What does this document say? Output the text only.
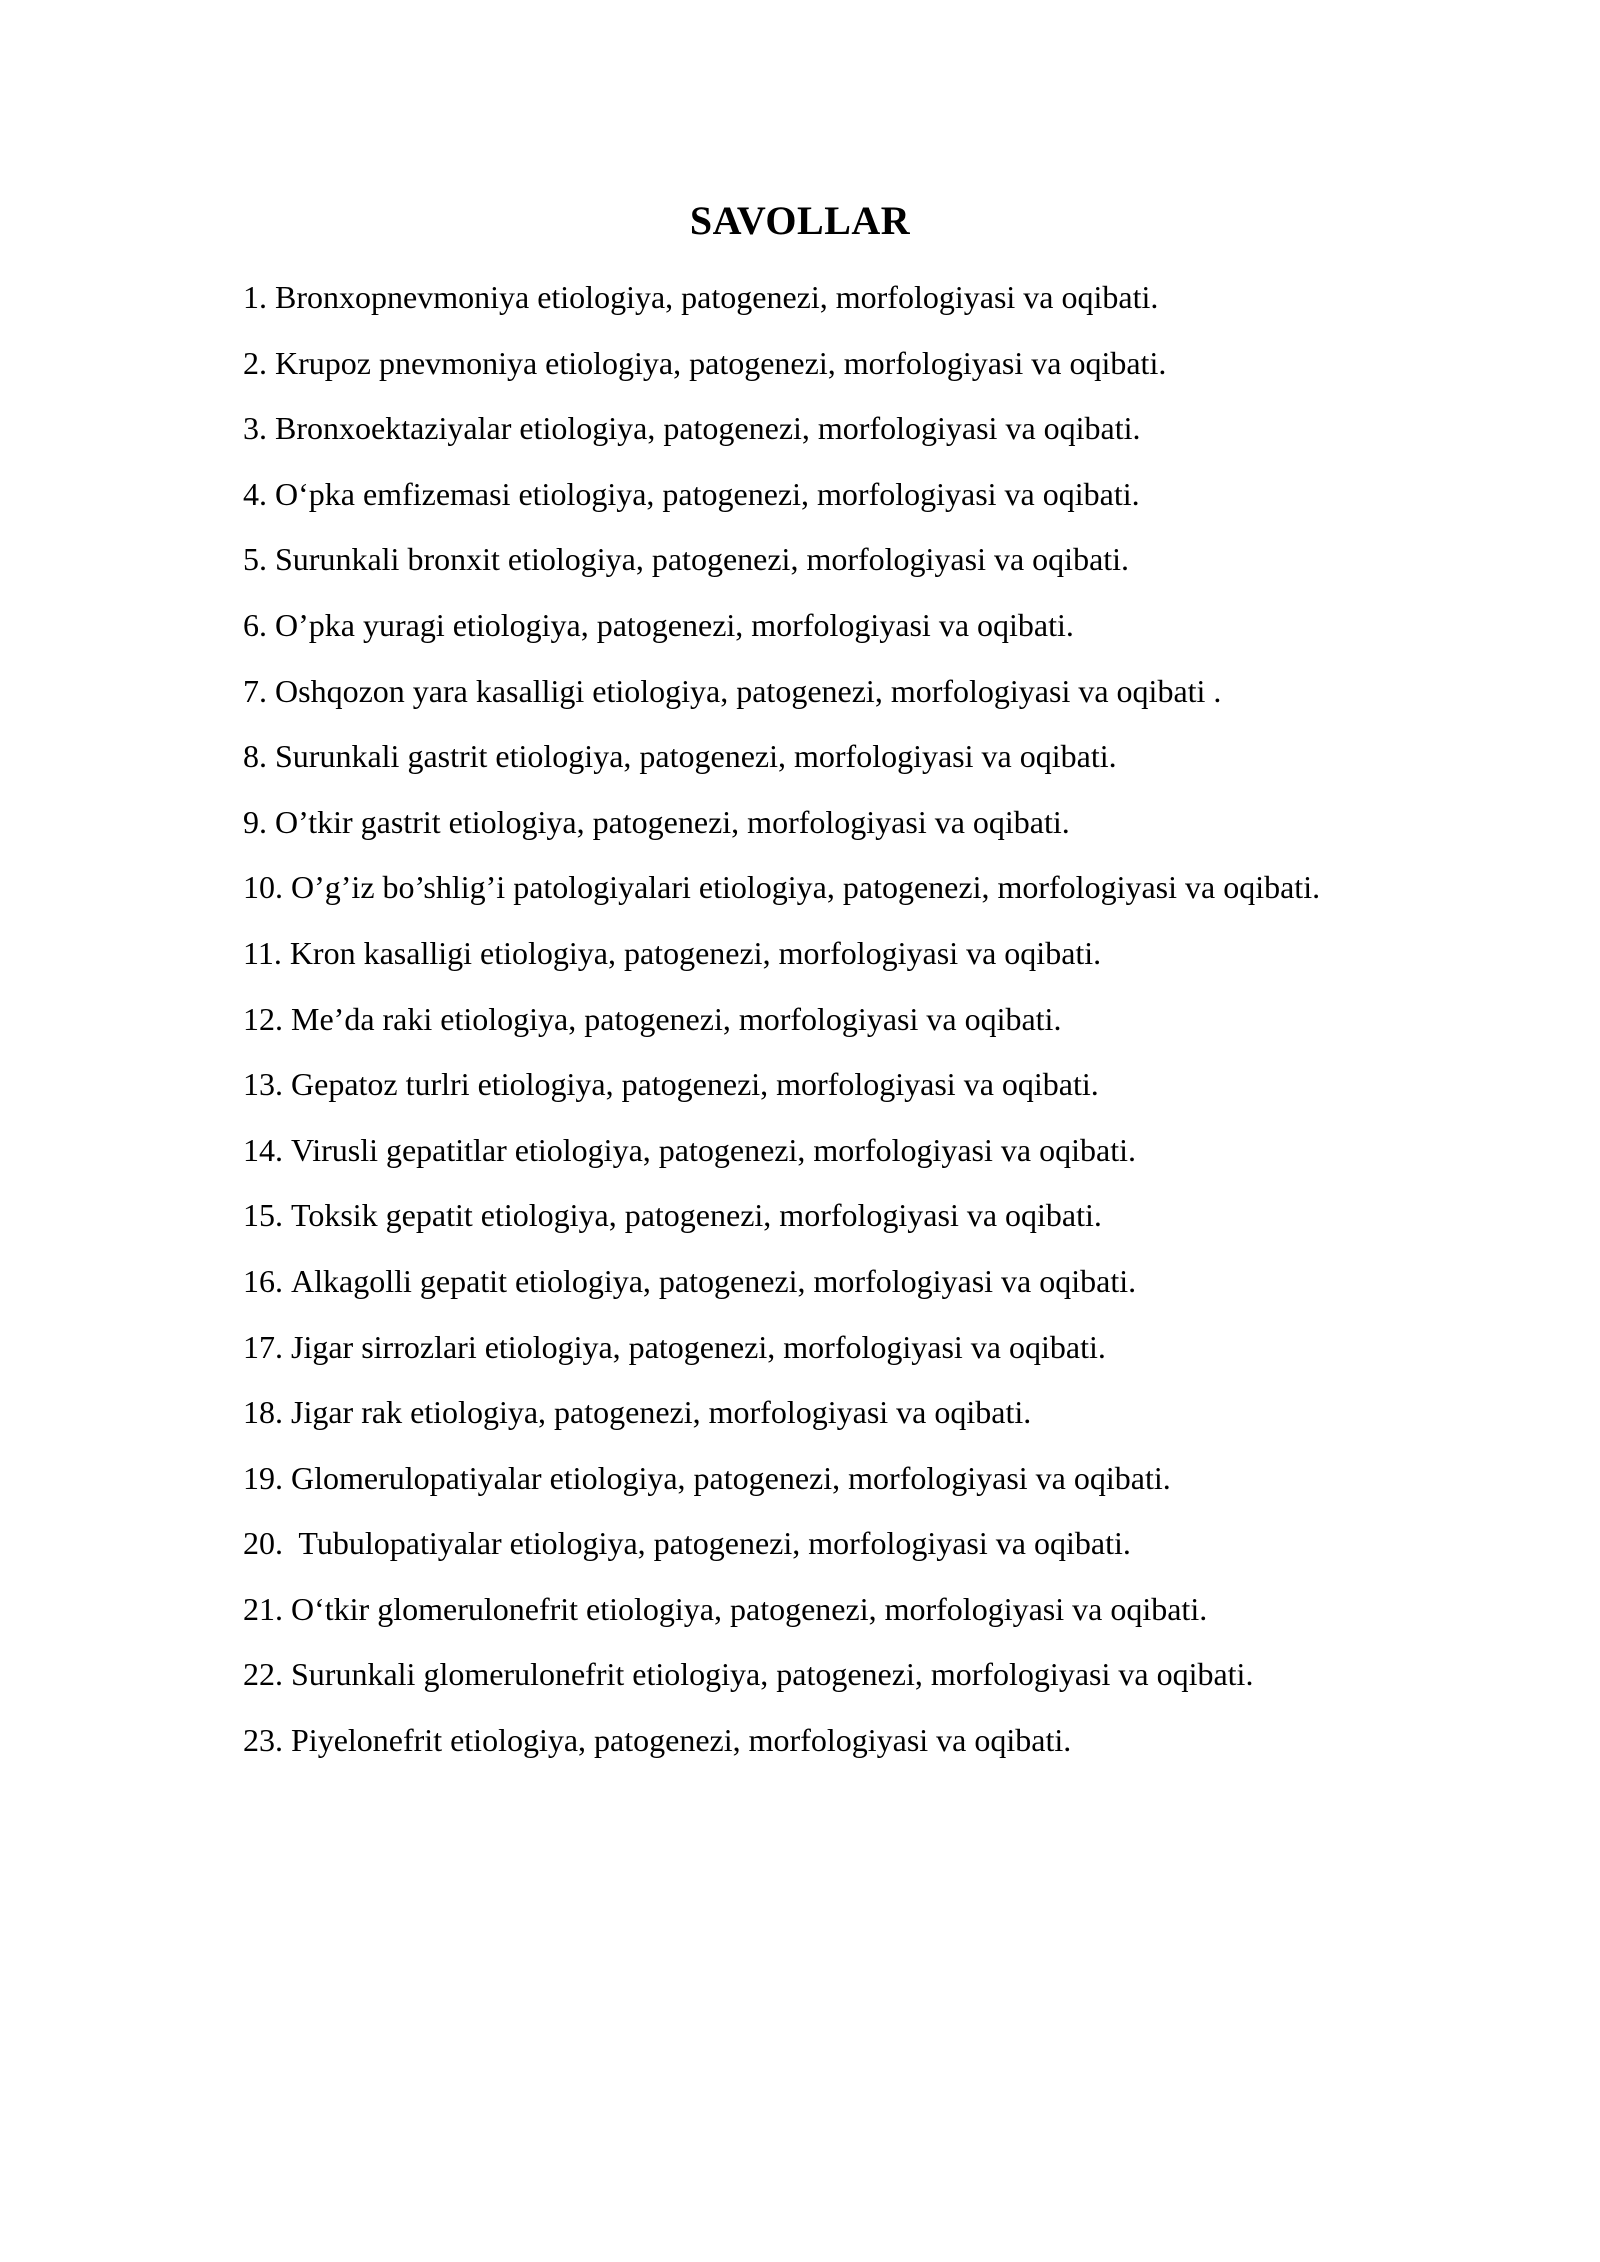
SAVOLLAR
1. Bronxopnevmoniya etiologiya, patogenezi, morfologiyasi va oqibati.
2. Krupoz pnevmoniya etiologiya, patogenezi, morfologiyasi va oqibati.
3. Bronxoektaziyalar etiologiya, patogenezi, morfologiyasi va oqibati.
4. O‘pka emfizemasi etiologiya, patogenezi, morfologiyasi va oqibati.
5. Surunkali bronxit etiologiya, patogenezi, morfologiyasi va oqibati.
6. O’pka yuragi etiologiya, patogenezi, morfologiyasi va oqibati.
7. Oshqozon yara kasalligi etiologiya, patogenezi, morfologiyasi va oqibati .
8. Surunkali gastrit etiologiya, patogenezi, morfologiyasi va oqibati.
9. O’tkir gastrit etiologiya, patogenezi, morfologiyasi va oqibati.
10. O’g’iz bo’shlig’i patologiyalari etiologiya, patogenezi, morfologiyasi va oqibati.
11. Kron kasalligi etiologiya, patogenezi, morfologiyasi va oqibati.
12. Me’da raki etiologiya, patogenezi, morfologiyasi va oqibati.
13. Gepatoz turlri etiologiya, patogenezi, morfologiyasi va oqibati.
14. Virusli gepatitlar etiologiya, patogenezi, morfologiyasi va oqibati.
15. Toksik gepatit etiologiya, patogenezi, morfologiyasi va oqibati.
16. Alkagolli gepatit etiologiya, patogenezi, morfologiyasi va oqibati.
17. Jigar sirrozlari etiologiya, patogenezi, morfologiyasi va oqibati.
18. Jigar rak etiologiya, patogenezi, morfologiyasi va oqibati.
19. Glomerulopatiyalar etiologiya, patogenezi, morfologiyasi va oqibati.
20. Tubulopatiyalar etiologiya, patogenezi, morfologiyasi va oqibati.
21. O‘tkir glomerulonefrit etiologiya, patogenezi, morfologiyasi va oqibati.
22. Surunkali glomerulonefrit etiologiya, patogenezi, morfologiyasi va oqibati.
23. Piyelonefrit etiologiya, patogenezi, morfologiyasi va oqibati.
